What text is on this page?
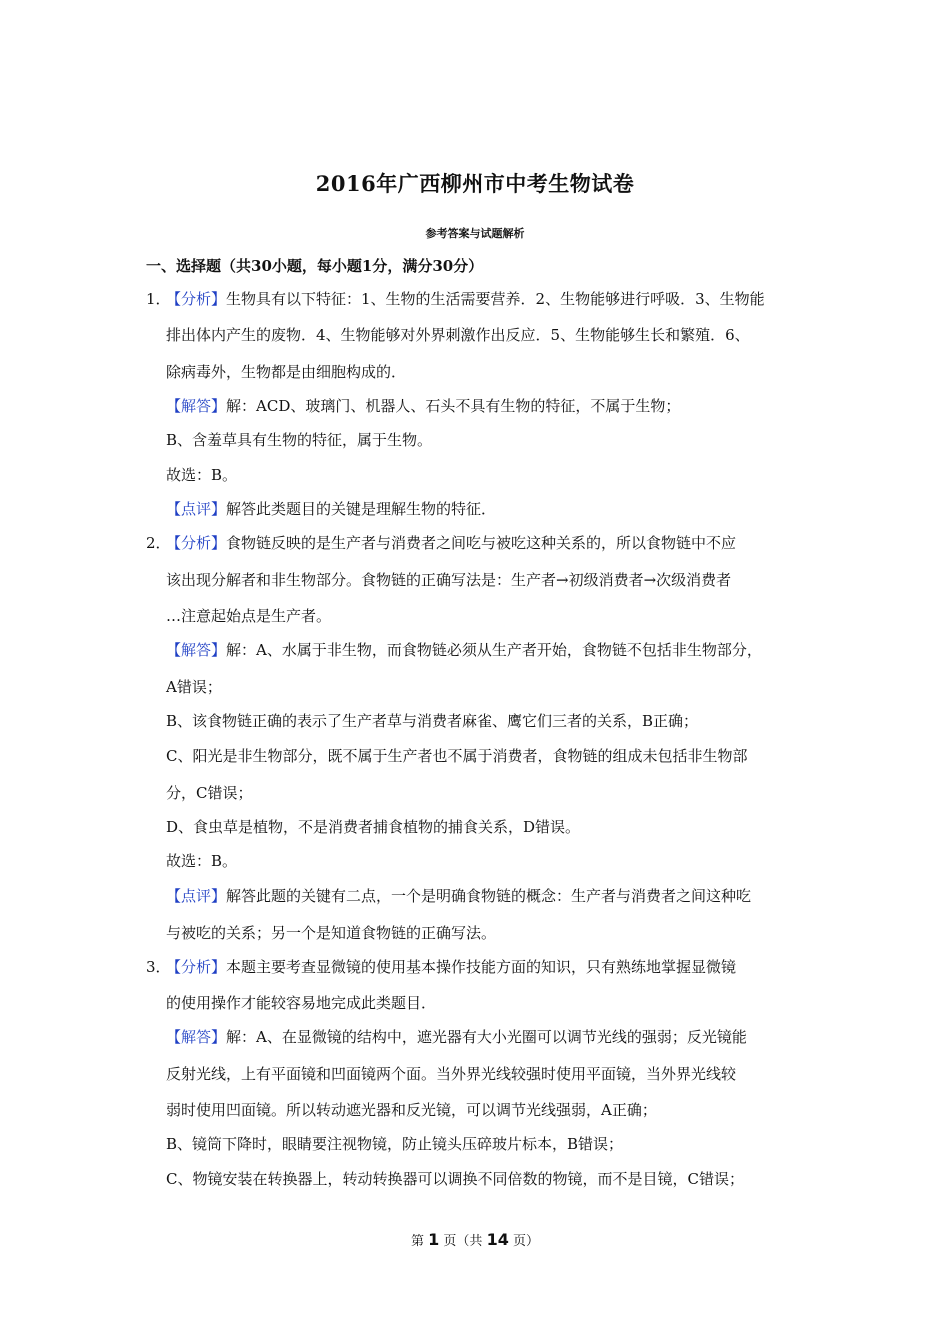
2016年广西柳州市中考生物试卷
参考答案与试题解析
一、选择题（共30小题，每小题1分，满分30分）
1．
【分析】生物具有以下特征：1、生物的生活需要营养．2、生物能够进行呼吸．3、生物能
排出体内产生的废物．4、生物能够对外界刺激作出反应．5、生物能够生长和繁殖．6、
除病毒外，生物都是由细胞构成的．
【解答】解：ACD、玻璃门、机器人、石头不具有生物的特征，不属于生物；
B、含羞草具有生物的特征，属于生物。
故选：B。
【点评】解答此类题目的关键是理解生物的特征．
2．
【分析】食物链反映的是生产者与消费者之间吃与被吃这种关系的，所以食物链中不应
该出现分解者和非生物部分。食物链的正确写法是：生产者→初级消费者→次级消费者
…注意起始点是生产者。
【解答】解：A、水属于非生物，而食物链必须从生产者开始，食物链不包括非生物部分，
A错误；
B、该食物链正确的表示了生产者草与消费者麻雀、鹰它们三者的关系，B正确；
C、阳光是非生物部分，既不属于生产者也不属于消费者，食物链的组成未包括非生物部
分，C错误；
D、食虫草是植物，不是消费者捕食植物的捕食关系，D错误。
故选：B。
【点评】解答此题的关键有二点，一个是明确食物链的概念：生产者与消费者之间这种吃
与被吃的关系；另一个是知道食物链的正确写法。
3．
【分析】本题主要考查显微镜的使用基本操作技能方面的知识，只有熟练地掌握显微镜
的使用操作才能较容易地完成此类题目．
【解答】解：A、在显微镜的结构中，遮光器有大小光圈可以调节光线的强弱；反光镜能
反射光线，上有平面镜和凹面镜两个面。当外界光线较强时使用平面镜，当外界光线较
弱时使用凹面镜。所以转动遮光器和反光镜，可以调节光线强弱，A正确；
B、镜筒下降时，眼睛要注视物镜，防止镜头压碎玻片标本，B错误；
C、物镜安装在转换器上，转动转换器可以调换不同倍数的物镜，而不是目镜，C错误；
第 1 页（共 14 页）
